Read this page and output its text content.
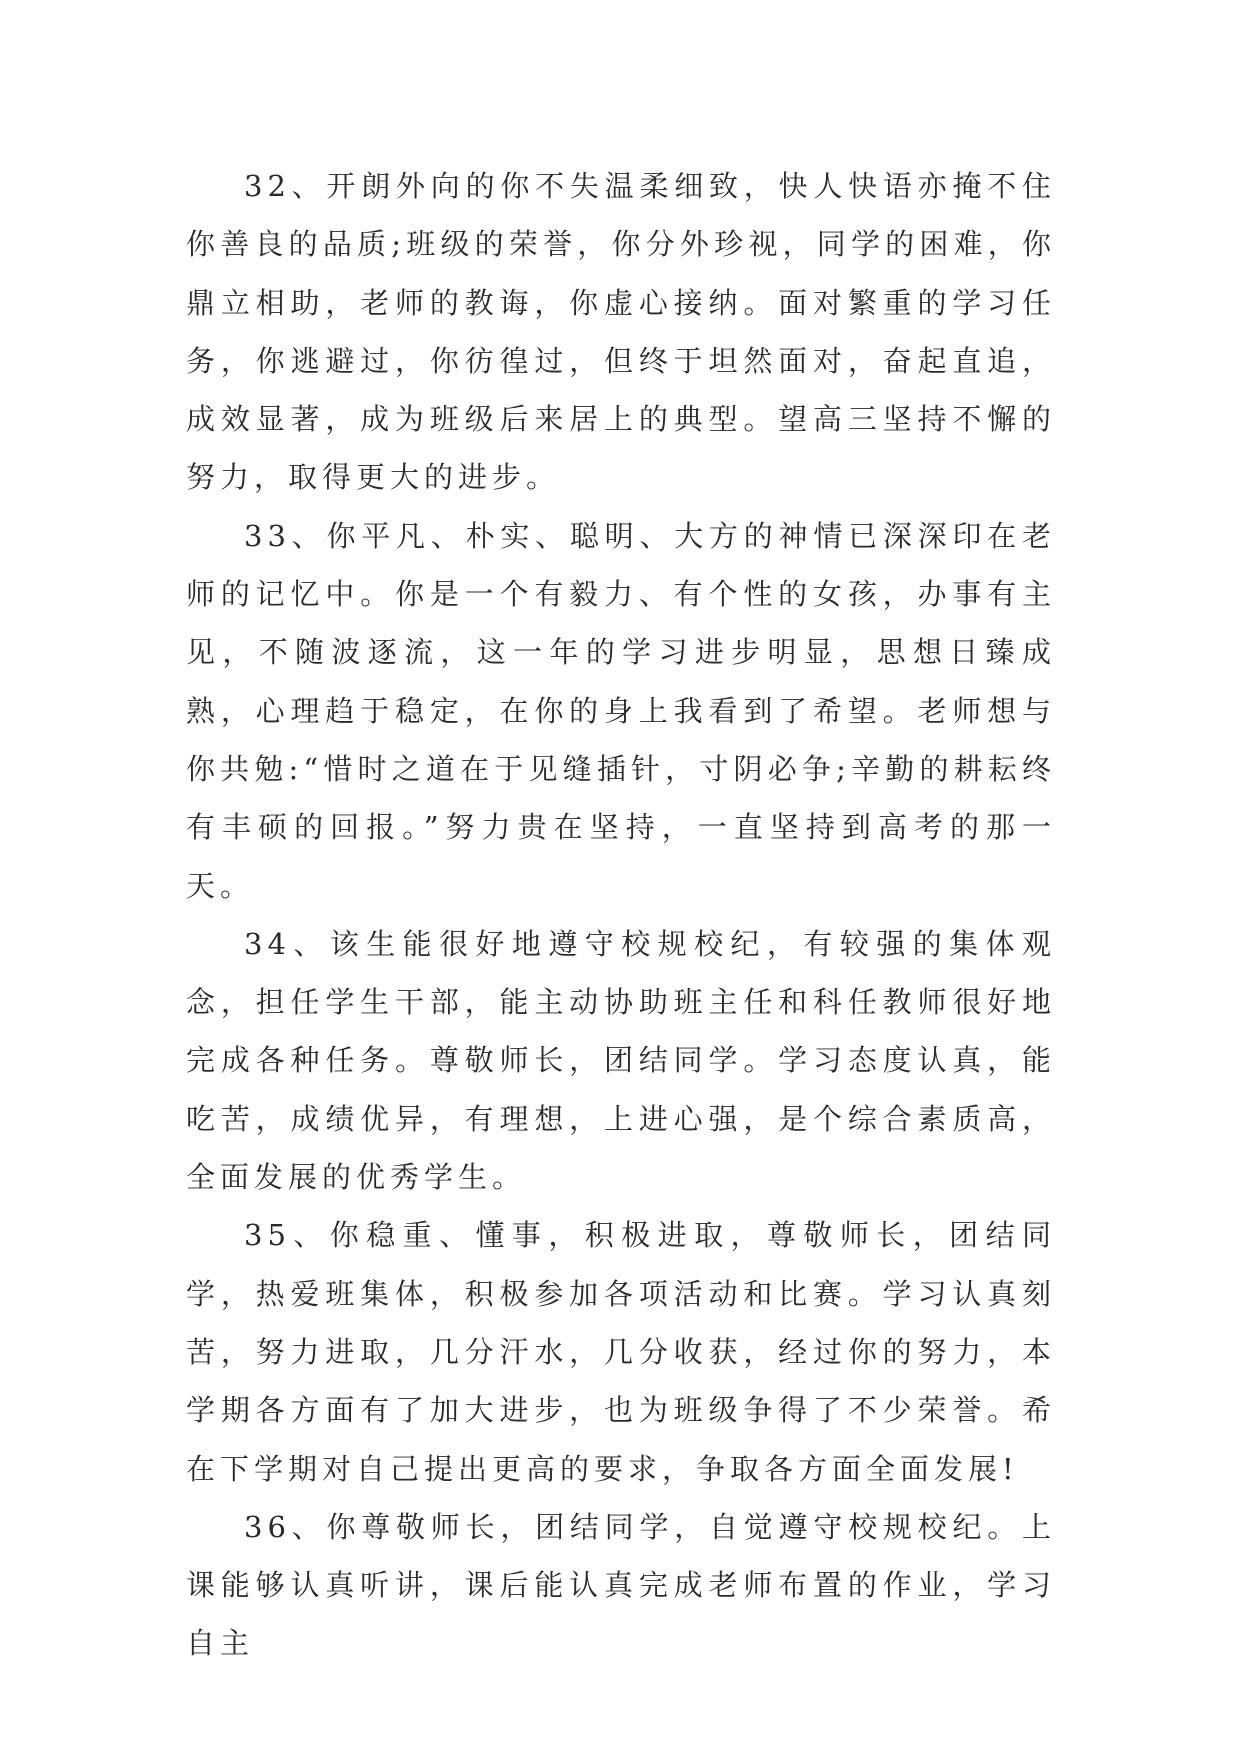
32、开朗外向的你不失温柔细致，快人快语亦掩不住你善良的品质;班级的荣誉，你分外珍视，同学的困难，你鼎立相助，老师的教诲，你虚心接纳。面对繁重的学习任务，你逃避过，你彷徨过，但终于坦然面对，奋起直追，成效显著，成为班级后来居上的典型。望高三坚持不懈的努力，取得更大的进步。

33、你平凡、朴实、聪明、大方的神情已深深印在老师的记忆中。你是一个有毅力、有个性的女孩，办事有主见，不随波逐流，这一年的学习进步明显，思想日臻成熟，心理趋于稳定，在你的身上我看到了希望。老师想与你共勉:“惜时之道在于见缝插针，寸阴必争;辛勤的耕耘终有丰硕的回报。”努力贵在坚持，一直坚持到高考的那一天。

34、该生能很好地遵守校规校纪，有较强的集体观念，担任学生干部，能主动协助班主任和科任教师很好地完成各种任务。尊敬师长，团结同学。学习态度认真，能吃苦，成绩优异，有理想，上进心强，是个综合素质高，全面发展的优秀学生。

35、你稳重、懂事，积极进取，尊敬师长，团结同学，热爱班集体，积极参加各项活动和比赛。学习认真刻苦，努力进取，几分汗水，几分收获，经过你的努力，本学期各方面有了加大进步，也为班级争得了不少荣誉。希在下学期对自己提出更高的要求，争取各方面全面发展!

36、你尊敬师长，团结同学，自觉遵守校规校纪。上课能够认真听讲，课后能认真完成老师布置的作业，学习自主
